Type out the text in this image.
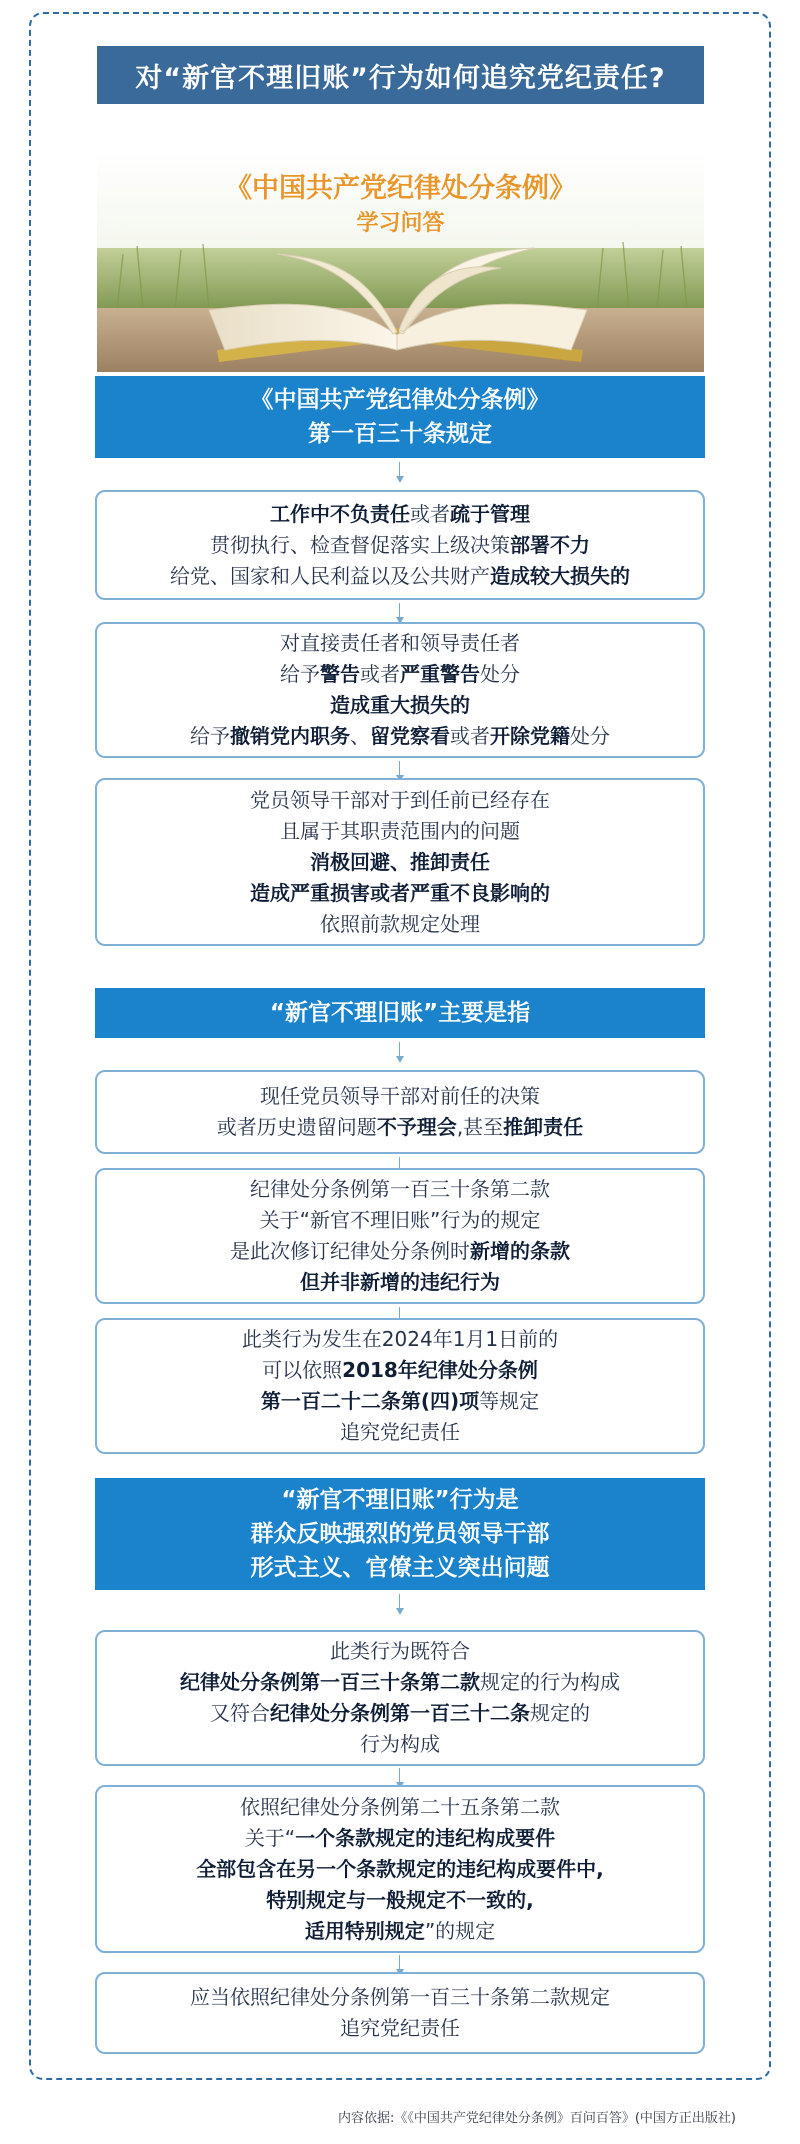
对“新官不理旧账”行为如何追究党纪责任?
《中国共产党纪律处分条例》
学习问答
《中国共产党纪律处分条例》
第一百三十条规定
工作中不负责任或者疏于管理
贯彻执行、检查督促落实上级决策部署不力
给党、国家和人民利益以及公共财产造成较大损失的
对直接责任者和领导责任者
给予警告或者严重警告处分
造成重大损失的
给予撤销党内职务、留党察看或者开除党籍处分
党员领导干部对于到任前已经存在
且属于其职责范围内的问题
消极回避、推卸责任
造成严重损害或者严重不良影响的
依照前款规定处理
“新官不理旧账”主要是指
现任党员领导干部对前任的决策
或者历史遗留问题不予理会,甚至推卸责任
纪律处分条例第一百三十条第二款
关于“新官不理旧账”行为的规定
是此次修订纪律处分条例时新增的条款
但并非新增的违纪行为
此类行为发生在2024年1月1日前的
可以依照2018年纪律处分条例
第一百二十二条第(四)项等规定
追究党纪责任
“新官不理旧账”行为是
群众反映强烈的党员领导干部
形式主义、官僚主义突出问题
此类行为既符合
纪律处分条例第一百三十条第二款规定的行为构成
又符合纪律处分条例第一百三十二条规定的
行为构成
依照纪律处分条例第二十五条第二款
关于“一个条款规定的违纪构成要件
全部包含在另一个条款规定的违纪构成要件中,
特别规定与一般规定不一致的,
适用特别规定”的规定
应当依照纪律处分条例第一百三十条第二款规定
追究党纪责任
内容依据:《《中国共产党纪律处分条例》百问百答》(中国方正出版社)
